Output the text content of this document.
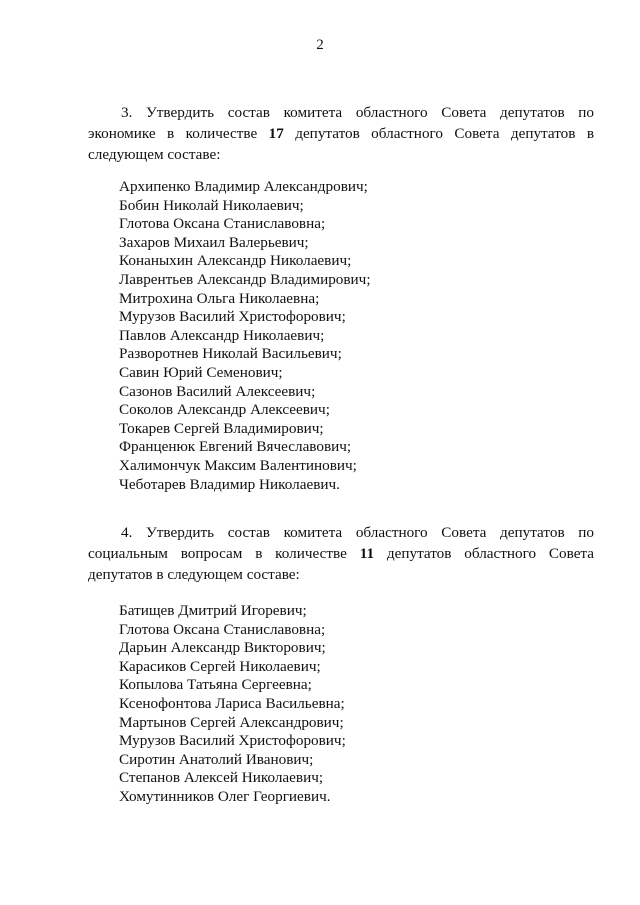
2
3. Утвердить состав комитета областного Совета депутатов по
экономике в количестве 17 депутатов областного Совета депутатов в
следующем составе:
Архипенко Владимир Александрович;
Бобин Николай Николаевич;
Глотова Оксана Станиславовна;
Захаров Михаил Валерьевич;
Конаныхин Александр Николаевич;
Лаврентьев Александр Владимирович;
Митрохина Ольга Николаевна;
Мурузов Василий Христофорович;
Павлов Александр Николаевич;
Разворотнев Николай Васильевич;
Савин Юрий Семенович;
Сазонов Василий Алексеевич;
Соколов Александр Алексеевич;
Токарев Сергей Владимирович;
Франценюк Евгений Вячеславович;
Халимончук Максим Валентинович;
Чеботарев Владимир Николаевич.
4. Утвердить состав комитета областного Совета депутатов по
социальным вопросам в количестве 11 депутатов областного Совета
депутатов в следующем составе:
Батищев Дмитрий Игоревич;
Глотова Оксана Станиславовна;
Дарьин Александр Викторович;
Карасиков Сергей Николаевич;
Копылова Татьяна Сергеевна;
Ксенофонтова Лариса Васильевна;
Мартынов Сергей Александрович;
Мурузов Василий Христофорович;
Сиротин Анатолий Иванович;
Степанов Алексей Николаевич;
Хомутинников Олег Георгиевич.
